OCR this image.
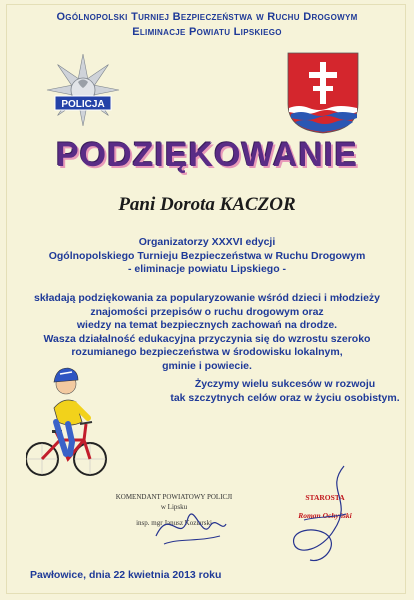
Ogólnopolski Turniej Bezpieczeństwa w Ruchu Drogowym
Eliminacje Powiatu Lipskiego
POLICJA
PODZIĘKOWANIE
Pani Dorota KACZOR
Organizatorzy XXXVI edycji
Ogólnopolskiego Turnieju Bezpieczeństwa w Ruchu Drogowym
- eliminacje powiatu Lipskiego -
składają podziękowania za popularyzowanie wśród dzieci i młodzieży
znajomości przepisów o ruchu drogowym oraz
wiedzy na temat bezpiecznych zachowań na drodze.
Wasza działalność edukacyjna przyczynia się do wzrostu szeroko
rozumianego bezpieczeństwa w środowisku lokalnym,
gminie i powiecie.
Życzymy wielu sukcesów w rozwoju
tak szczytnych celów oraz w życiu osobistym.
KOMENDANT POWIATOWY POLICJI
w Lipsku
insp. mgr Janusz Koziarski
STAROSTA
Roman Ochyński
Pawłowice, dnia 22 kwietnia 2013 roku
